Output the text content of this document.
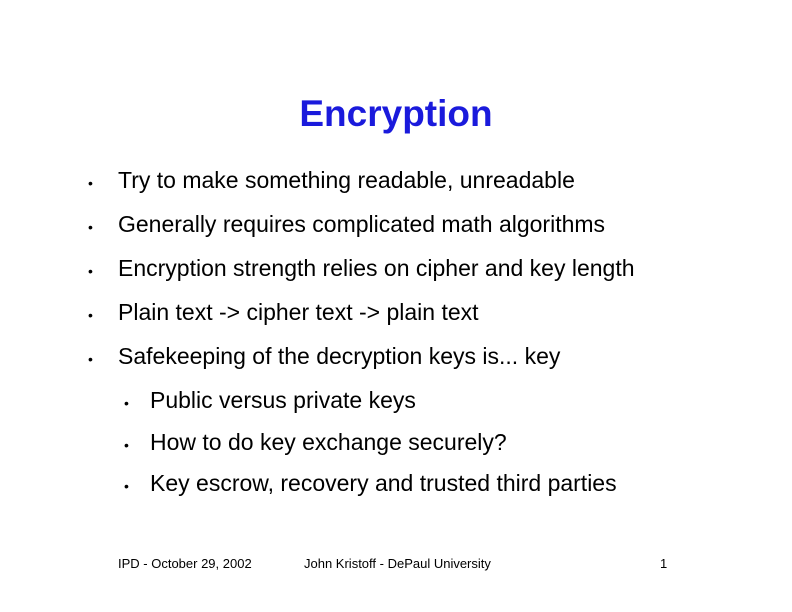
Encryption
•	Try to make something readable, unreadable
•	Generally requires complicated math algorithms
•	Encryption strength relies on cipher and key length
•	Plain text -> cipher text -> plain text
•	Safekeeping of the decryption keys is... key
• Public versus private keys
• How to do key exchange securely?
• Key escrow, recovery and trusted third parties
IPD - October 29, 2002	John Kristoff - DePaul University	1
